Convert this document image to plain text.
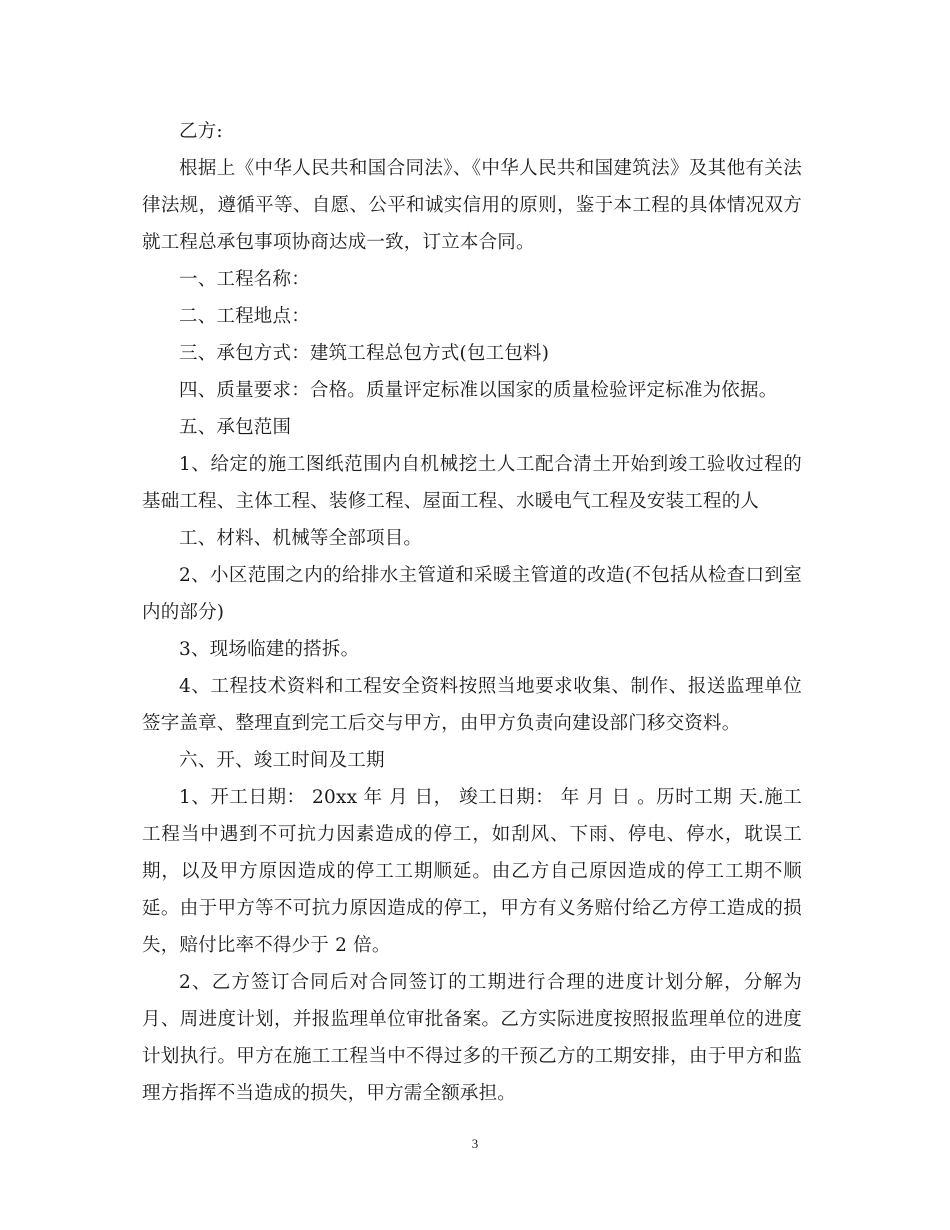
乙方:

根据上《中华人民共和国合同法》、《中华人民共和国建筑法》及其他有关法律法规，遵循平等、自愿、公平和诚实信用的原则，鉴于本工程的具体情况双方就工程总承包事项协商达成一致，订立本合同。

一、工程名称：

二、工程地点：

三、承包方式：建筑工程总包方式(包工包料)

四、质量要求：合格。质量评定标准以国家的质量检验评定标准为依据。

五、承包范围

1、给定的施工图纸范围内自机械挖土人工配合清土开始到竣工验收过程的基础工程、主体工程、装修工程、屋面工程、水暖电气工程及安装工程的人

工、材料、机械等全部项目。

2、小区范围之内的给排水主管道和采暖主管道的改造(不包括从检查口到室内的部分)

3、现场临建的搭拆。

4、工程技术资料和工程安全资料按照当地要求收集、制作、报送监理单位签字盖章、整理直到完工后交与甲方，由甲方负责向建设部门移交资料。

六、开、竣工时间及工期

1、开工日期： 20xx 年 月 日， 竣工日期： 年 月 日 。历时工期 天.施工工程当中遇到不可抗力因素造成的停工，如刮风、下雨、停电、停水，耽误工期，以及甲方原因造成的停工工期顺延。由乙方自己原因造成的停工工期不顺延。由于甲方等不可抗力原因造成的停工，甲方有义务赔付给乙方停工造成的损失，赔付比率不得少于 2 倍。

2、乙方签订合同后对合同签订的工期进行合理的进度计划分解，分解为月、周进度计划，并报监理单位审批备案。乙方实际进度按照报监理单位的进度计划执行。甲方在施工工程当中不得过多的干预乙方的工期安排，由于甲方和监理方指挥不当造成的损失，甲方需全额承担。

3
